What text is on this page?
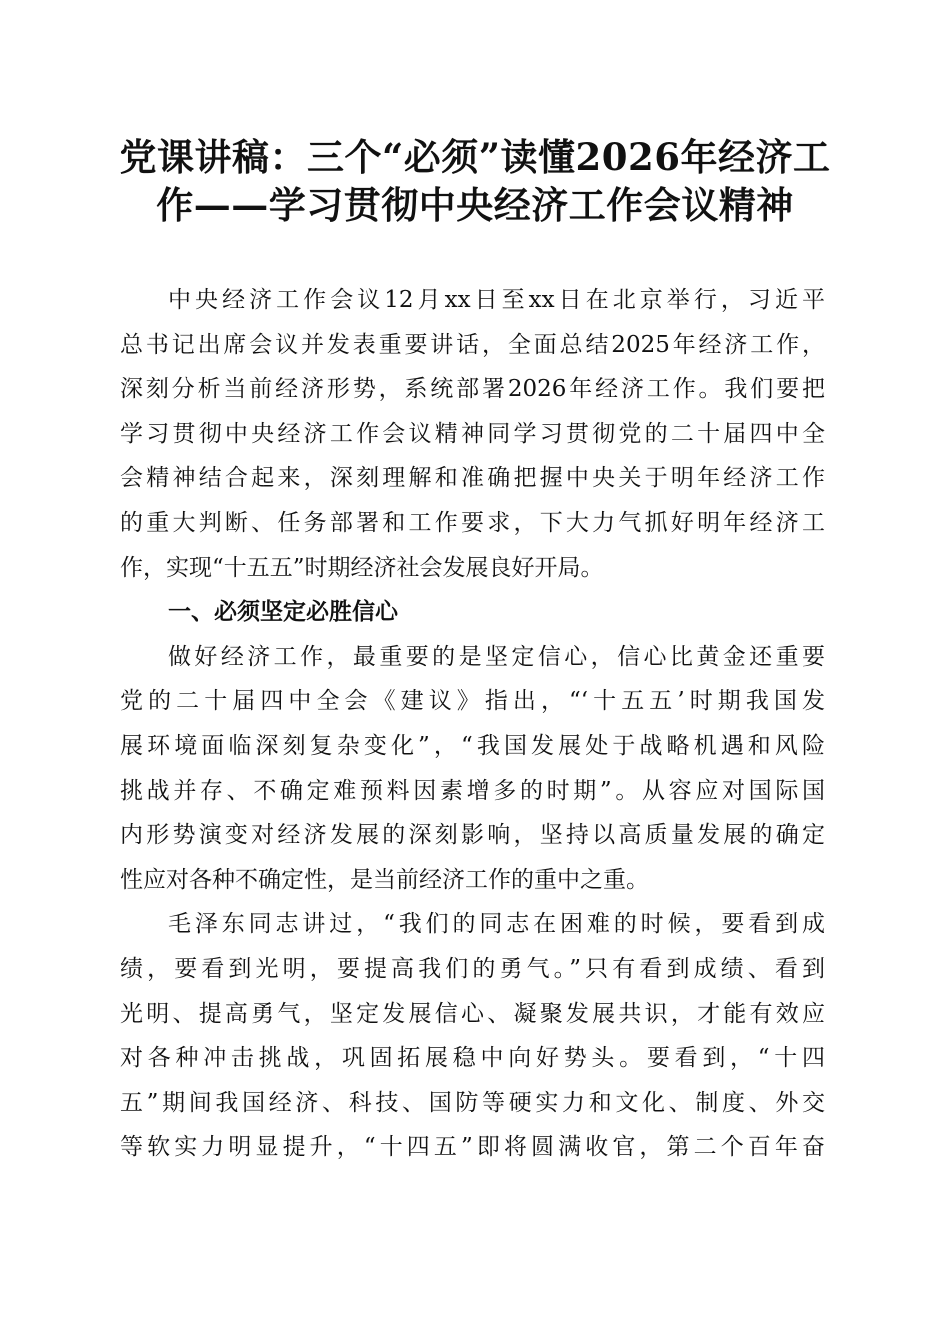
党课讲稿：三个“必须”读懂2026年经济工
作——学习贯彻中央经济工作会议精神

中央经济工作会议12月xx日至xx日在北京举行，习近平
总书记出席会议并发表重要讲话，全面总结2025年经济工作，
深刻分析当前经济形势，系统部署2026年经济工作。我们要把
学习贯彻中央经济工作会议精神同学习贯彻党的二十届四中全
会精神结合起来，深刻理解和准确把握中央关于明年经济工作
的重大判断、任务部署和工作要求，下大力气抓好明年经济工
作，实现“十五五”时期经济社会发展良好开局。

一、必须坚定必胜信心

做好经济工作，最重要的是坚定信心，信心比黄金还重要
党的二十届四中全会《建议》指出，“‘十五五’时期我国发
展环境面临深刻复杂变化”，“我国发展处于战略机遇和风险
挑战并存、不确定难预料因素增多的时期”。从容应对国际国
内形势演变对经济发展的深刻影响，坚持以高质量发展的确定
性应对各种不确定性，是当前经济工作的重中之重。

毛泽东同志讲过，“我们的同志在困难的时候，要看到成
绩，要看到光明，要提高我们的勇气。”只有看到成绩、看到
光明、提高勇气，坚定发展信心、凝聚发展共识，才能有效应
对各种冲击挑战，巩固拓展稳中向好势头。要看到，“十四
五”期间我国经济、科技、国防等硬实力和文化、制度、外交
等软实力明显提升，“十四五”即将圆满收官，第二个百年奋
